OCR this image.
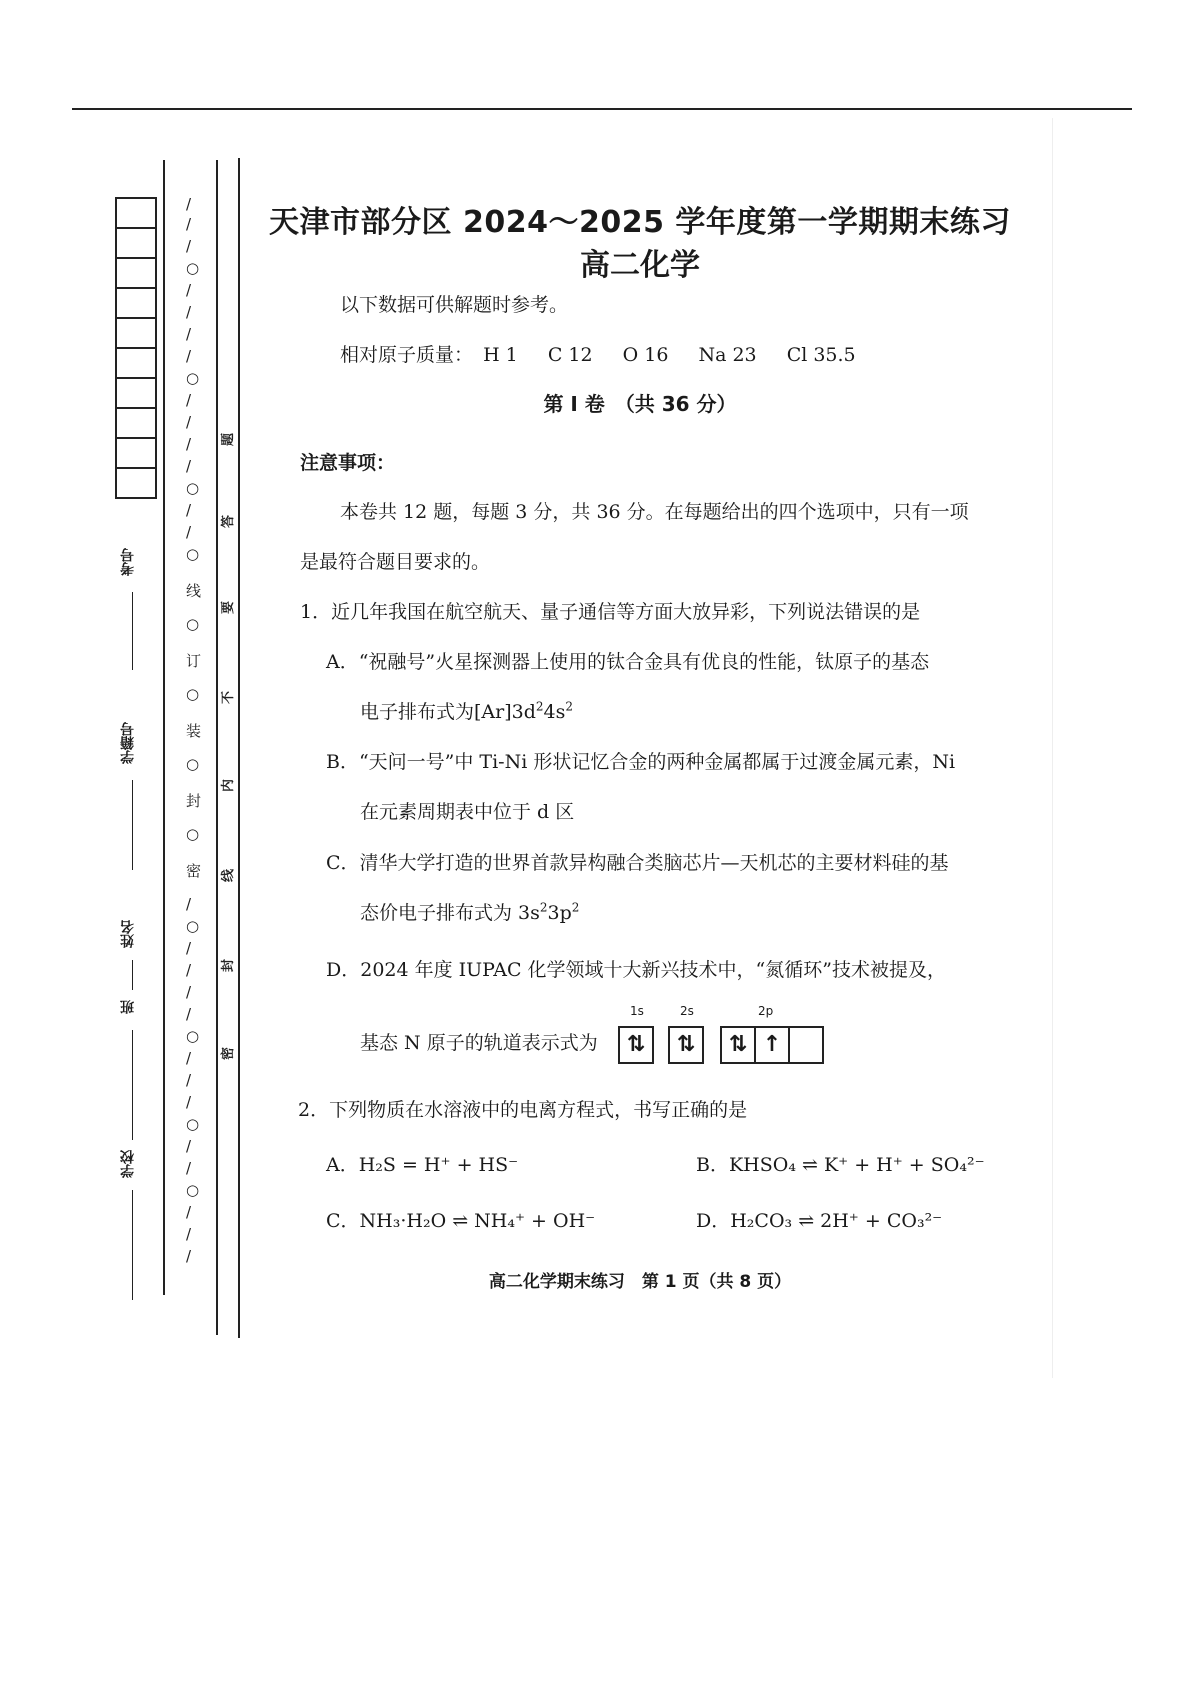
考号
学籍号
姓名
班
学校
/
/
/
○
/
/
/
/
○
/
/
/
/
○
/
/
○
线
○
订
○
装
○
封
○
密
/
○
/
/
/
/
○
/
/
/
○
/
/
○
/
/
/
题
答
要
不
内
线
封
密
天津市部分区 2024～2025 学年度第一学期期末练习
高二化学
以下数据可供解题时参考。
相对原子质量： H 1 C 12 O 16 Na 23 Cl 35.5
第 Ⅰ 卷　（共 36 分）
注意事项：
本卷共 12 题，每题 3 分，共 36 分。在每题给出的四个选项中，只有一项
是最符合题目要求的。
1．近几年我国在航空航天、量子通信等方面大放异彩，下列说法错误的是
A．“祝融号”火星探测器上使用的钛合金具有优良的性能，钛原子的基态
电子排布式为$[Ar]3d^24s^2$
B．“天问一号”中 Ti-Ni 形状记忆合金的两种金属都属于过渡金属元素，Ni
在元素周期表中位于 d 区
C．清华大学打造的世界首款异构融合类脑芯片—天机芯的主要材料硅的基
态价电子排布式为 $3s^23p^2$
D．2024 年度 IUPAC 化学领域十大新兴技术中，“氮循环”技术被提及，
基态 N 原子的轨道表示式为
1s
⇅
2s
⇅
2p
⇅ ↑
2．下列物质在水溶液中的电离方程式，书写正确的是
A．H₂S = H⁺ + HS⁻	B．KHSO₄ ⇌ K⁺ + H⁺ + SO₄²⁻
C．NH₃·H₂O ⇌ NH₄⁺ + OH⁻	D．H₂CO₃ ⇌ 2H⁺ + CO₃²⁻
高二化学期末练习　第 1 页（共 8 页）
